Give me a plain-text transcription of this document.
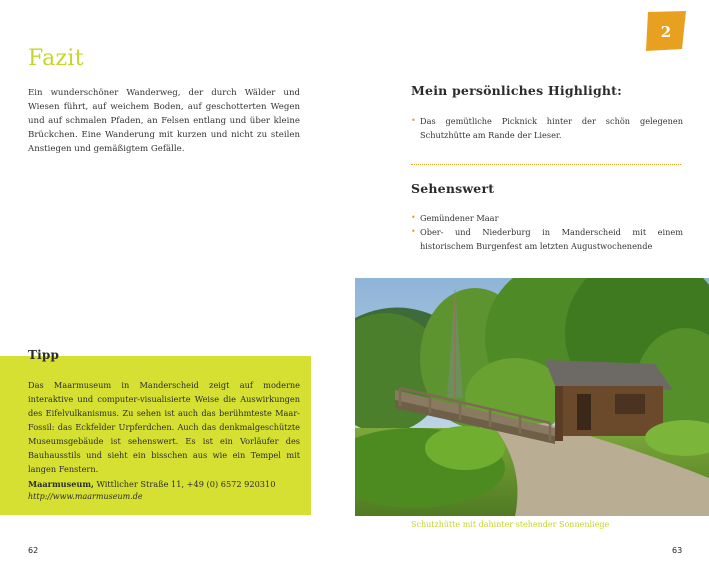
Fazit

Ein wunderschöner Wanderweg, der durch Wälder und Wiesen führt, auf weichem Boden, auf geschotterten Wegen und auf schmalen Pfaden, an Felsen entlang und über kleine Brückchen. Eine Wanderung mit kurzen und nicht zu steilen Anstiegen und gemäßigtem Gefälle.

Tipp

Das Maarmuseum in Manderscheid zeigt auf moderne interaktive und computer-visualisierte Weise die Auswirkungen des Eifelvulkanismus. Zu sehen ist auch das berühmteste Maar-Fossil: das Eckfelder Urpferdchen. Auch das denkmalgeschützte Museumsgebäude ist sehenswert. Es ist ein Vorläufer des Bauhausstils und sieht ein bisschen aus wie ein Tempel mit langen Fenstern.

Maarmuseum, Wittlicher Straße 11, +49 (0) 6572 920310

http://www.maarmuseum.de
62
2
Mein persönliches Highlight:
• Das gemütliche Picknick hinter der schön gelegenen Schutzhütte am Rande der Lieser.
Sehenswert
• Gemündener Maar
• Ober- und Niederburg in Manderscheid mit einem historischem Burgenfest am letzten Augustwochenende
Schutzhütte mit dahinter stehender Sonnenliege
63
